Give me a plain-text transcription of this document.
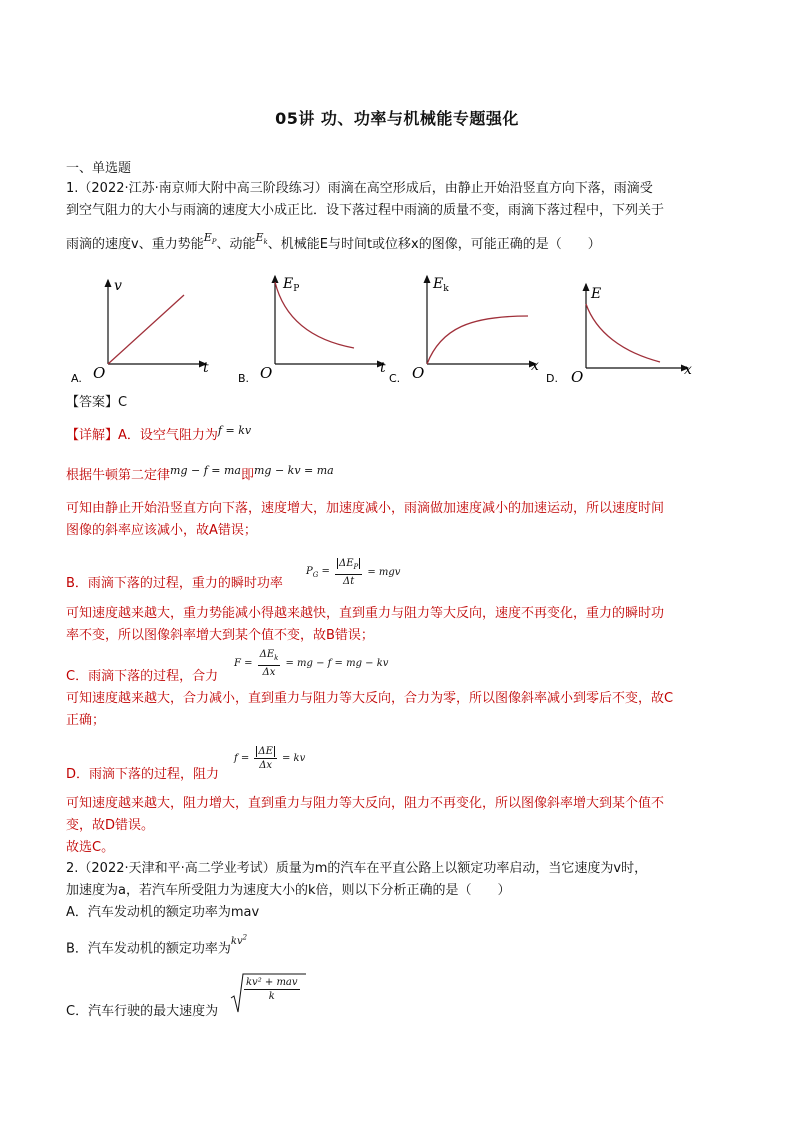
05讲 功、功率与机械能专题强化
一、单选题
1.（2022·江苏·南京师大附中高三阶段练习）雨滴在高空形成后，由静止开始沿竖直方向下落，雨滴受
到空气阻力的大小与雨滴的速度大小成正比．设下落过程中雨滴的质量不变，雨滴下落过程中，下列关于
雨滴的速度v、重力势能$^{E_P}$、动能$^{E_k}$、机械能E与时间t或位移x的图像，可能正确的是（　　）
v
t
O
A.
$E_P$
t
O
B.
$E_k$
x
O
C.
E
x
O
D.
【答案】C
【详解】A．设空气阻力为$^{f = kv}$
根据牛顿第二定律$^{mg - f = ma}$即$^{mg - kv = ma}$
可知由静止开始沿竖直方向下落，速度增大，加速度减小，雨滴做加速度减小的加速运动，所以速度时间
图像的斜率应该减小，故A错误；
B．雨滴下落的过程，重力的瞬时功率
$P_G = \frac{\Delta E_P}{\Delta t}$ = mgv
可知速度越来越大，重力势能减小得越来越快，直到重力与阻力等大反向，速度不再变化，重力的瞬时功
率不变，所以图像斜率增大到某个值不变，故B错误；
C．雨滴下落的过程，合力
$F = \frac{\Delta E_k}{\Delta x}$ = mg − f = mg − kv
可知速度越来越大，合力减小，直到重力与阻力等大反向，合力为零，所以图像斜率减小到零后不变，故C
正确；
D．雨滴下落的过程，阻力
$f = \frac{\Delta E}{\Delta x}$ = kv
可知速度越来越大，阻力增大，直到重力与阻力等大反向，阻力不再变化，所以图像斜率增大到某个值不
变，故D错误。
故选C。
2.（2022·天津和平·高二学业考试）质量为m的汽车在平直公路上以额定功率启动，当它速度为v时，
加速度为a，若汽车所受阻力为速度大小的k倍，则以下分析正确的是（　　）
A．汽车发动机的额定功率为mav
B．汽车发动机的额定功率为$^{kv^2}$
C．汽车行驶的最大速度为
kv² + mav
k
